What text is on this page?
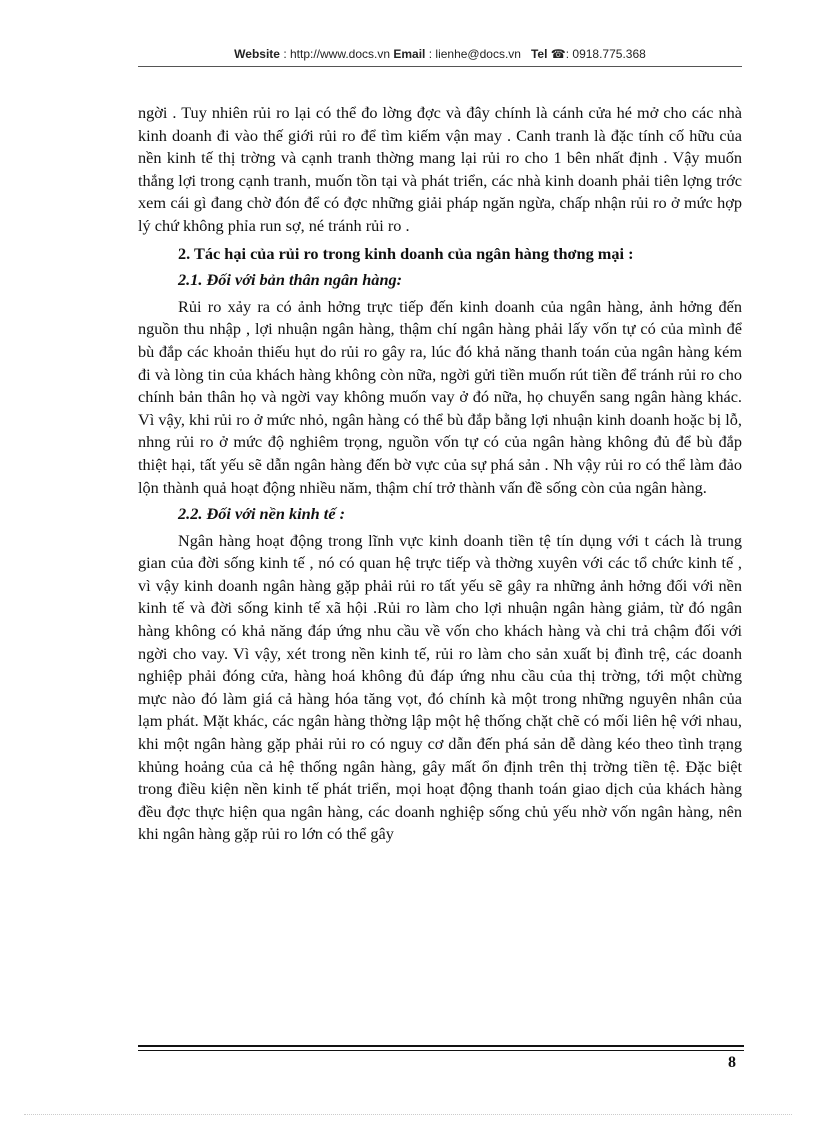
Website : http://www.docs.vn Email : lienhe@docs.vn Tel ☎: 0918.775.368

ngời . Tuy nhiên rủi ro lại có thể đo lờng đợc và đây chính là cánh cửa hé mở cho các nhà kinh doanh đi vào thế giới rủi ro để tìm kiếm vận may . Canh tranh là đặc tính cố hữu của nền kinh tế thị trờng và cạnh tranh thờng mang lại rủi ro cho 1 bên nhất định . Vậy muốn thắng lợi trong cạnh tranh, muốn tồn tại và phát triển, các nhà kinh doanh phải tiên lợng trớc xem cái gì đang chờ đón để có đợc những giải pháp ngăn ngừa, chấp nhận rủi ro ở mức hợp lý chứ không phỉa run sợ, né tránh rủi ro .

2. Tác hại của rủi ro trong kinh doanh của ngân hàng thơng mại :

2.1. Đối với bản thân ngân hàng:

Rủi ro xảy ra có ảnh hởng trực tiếp đến kinh doanh của ngân hàng, ảnh hởng đến nguồn thu nhập , lợi nhuận ngân hàng, thậm chí ngân hàng phải lấy vốn tự có của mình để bù đắp các khoản thiếu hụt do rủi ro gây ra, lúc đó khả năng thanh toán của ngân hàng kém đi và lòng tin của khách hàng không còn nữa, ngời gửi tiền muốn rút tiền để tránh rủi ro cho chính bản thân họ và ngời vay không muốn vay ở đó nữa, họ chuyển sang ngân hàng khác. Vì vậy, khi rủi ro ở mức nhỏ, ngân hàng có thể bù đắp bằng lợi nhuận kinh doanh hoặc bị lỗ, nhng rủi ro ở mức độ nghiêm trọng, nguồn vốn tự có của ngân hàng không đủ để bù đắp thiệt hại, tất yếu sẽ dẫn ngân hàng đến bờ vực của sự phá sản . Nh vậy rủi ro có thể làm đảo lộn thành quả hoạt động nhiều năm, thậm chí trở thành vấn đề sống còn của ngân hàng.

2.2. Đối với nền kinh tế :

Ngân hàng hoạt động trong lĩnh vực kinh doanh tiền tệ tín dụng với t cách là trung gian của đời sống kinh tế , nó có quan hệ trực tiếp và thờng xuyên với các tổ chức kinh tế , vì vậy kinh doanh ngân hàng gặp phải rủi ro tất yếu sẽ gây ra những ảnh hởng đối với nền kinh tế và đời sống kinh tế xã hội .Rủi ro làm cho lợi nhuận ngân hàng giảm, từ đó ngân hàng không có khả năng đáp ứng nhu cầu về vốn cho khách hàng và chi trả chậm đối với ngời cho vay. Vì vậy, xét trong nền kinh tế, rủi ro làm cho sản xuất bị đình trệ, các doanh nghiệp phải đóng cửa, hàng hoá không đủ đáp ứng nhu cầu của thị trờng, tới một chừng mực nào đó làm giá cả hàng hóa tăng vọt, đó chính kà một trong những nguyên nhân của lạm phát. Mặt khác, các ngân hàng thờng lập một hệ thống chặt chẽ có mối liên hệ với nhau, khi một ngân hàng gặp phải rủi ro có nguy cơ dẫn đến phá sản dễ dàng kéo theo tình trạng khủng hoảng của cả hệ thống ngân hàng, gây mất ổn định trên thị trờng tiền tệ. Đặc biệt trong điều kiện nền kinh tế phát triển, mọi hoạt động thanh toán giao dịch của khách hàng đều đợc thực hiện qua ngân hàng, các doanh nghiệp sống chủ yếu nhờ vốn ngân hàng, nên khi ngân hàng gặp rủi ro lớn có thể gây

8
